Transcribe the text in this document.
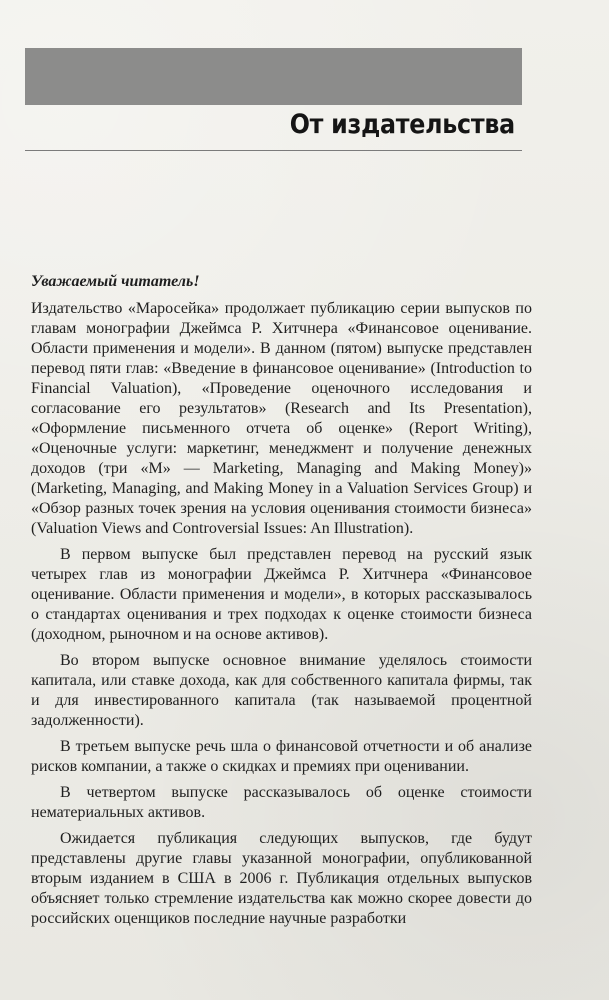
От издательства

Уважаемый читатель!

Издательство «Маросейка» продолжает публикацию серии выпусков по главам монографии Джеймса Р. Хитчнера «Финансовое оценивание. Области применения и модели». В данном (пятом) выпуске представлен перевод пяти глав: «Введение в финансовое оценивание» (Introduction to Financial Valuation), «Проведение оценочного исследования и согласование его результатов» (Research and Its Presentation), «Оформление письменного отчета об оценке» (Report Writing), «Оценочные услуги: маркетинг, менеджмент и получение денежных доходов (три «М» — Marketing, Managing and Making Money)» (Marketing, Managing, and Making Money in a Valuation Services Group) и «Обзор разных точек зрения на условия оценивания стоимости бизнеса» (Valuation Views and Controversial Issues: An Illustration).

В первом выпуске был представлен перевод на русский язык четырех глав из монографии Джеймса Р. Хитчнера «Финансовое оценивание. Области применения и модели», в которых рассказывалось о стандартах оценивания и трех подходах к оценке стоимости бизнеса (доходном, рыночном и на основе активов).

Во втором выпуске основное внимание уделялось стоимости капитала, или ставке дохода, как для собственного капитала фирмы, так и для инвестированного капитала (так называемой процентной задолженности).

В третьем выпуске речь шла о финансовой отчетности и об анализе рисков компании, а также о скидках и премиях при оценивании.

В четвертом выпуске рассказывалось об оценке стоимости нематериальных активов.

Ожидается публикация следующих выпусков, где будут представлены другие главы указанной монографии, опубликованной вторым изданием в США в 2006 г. Публикация отдельных выпусков объясняет только стремление издательства как можно скорее довести до российских оценщиков последние научные разработки
